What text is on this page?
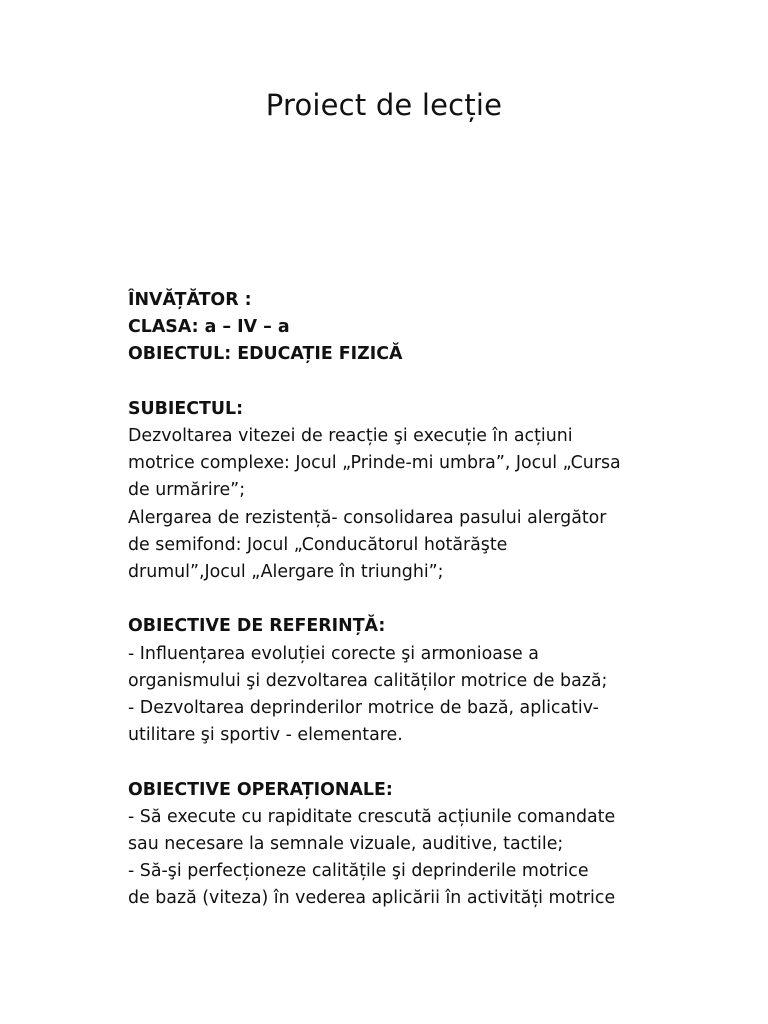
Proiect de lecție
ÎNVĂȚĂTOR :
CLASA: a – IV – a
OBIECTUL: EDUCAȚIE FIZICĂ
SUBIECTUL:
Dezvoltarea vitezei de reacție şi execuție în acțiuni
motrice complexe: Jocul „Prinde-mi umbra”, Jocul „Cursa
de urmărire”;
Alergarea de rezistență- consolidarea pasului alergător
de semifond: Jocul „Conducătorul hotărăşte
drumul”,Jocul „Alergare în triunghi”;
OBIECTIVE DE REFERINȚĂ:
- Influențarea evoluției corecte şi armonioase a
organismului şi dezvoltarea calităților motrice de bază;
- Dezvoltarea deprinderilor motrice de bază, aplicativ-
utilitare şi sportiv - elementare.
OBIECTIVE OPERAȚIONALE:
- Să execute cu rapiditate crescută acțiunile comandate
sau necesare la semnale vizuale, auditive, tactile;
- Să-şi perfecționeze calitățile şi deprinderile motrice
de bază (viteza) în vederea aplicării în activități motrice
